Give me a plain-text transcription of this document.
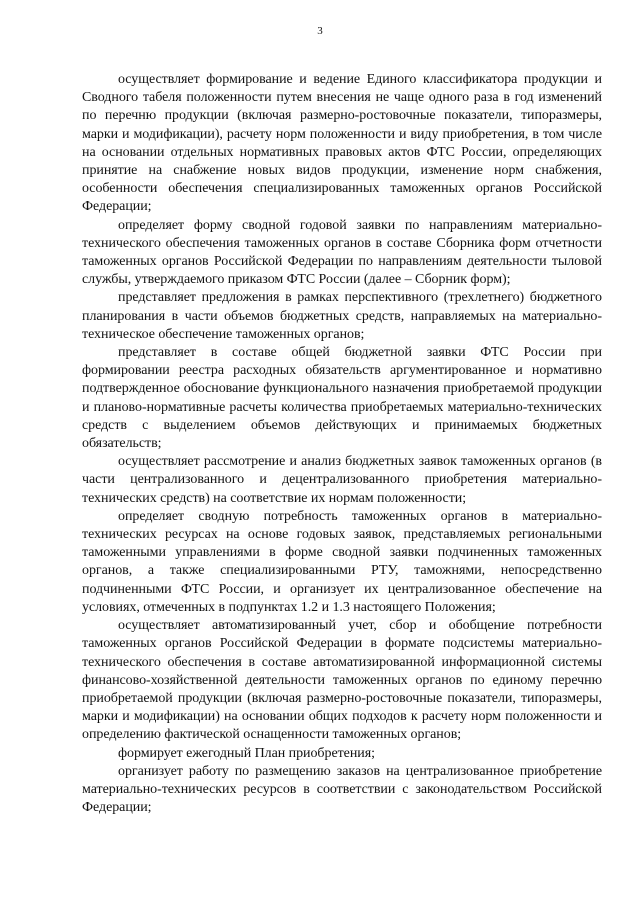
3

осуществляет формирование и ведение Единого классификатора продукции и Сводного табеля положенности путем внесения не чаще одного раза в год изменений по перечню продукции (включая размерно-ростовочные показатели, типоразмеры, марки и модификации), расчету норм положенности и виду приобретения, в том числе на основании отдельных нормативных правовых актов ФТС России, определяющих принятие на снабжение новых видов продукции, изменение норм снабжения, особенности обеспечения специализированных таможенных органов Российской Федерации;

определяет форму сводной годовой заявки по направлениям материально-технического обеспечения таможенных органов в составе Сборника форм отчетности таможенных органов Российской Федерации по направлениям деятельности тыловой службы, утверждаемого приказом ФТС России (далее – Сборник форм);

представляет предложения в рамках перспективного (трехлетнего) бюджетного планирования в части объемов бюджетных средств, направляемых на материально-техническое обеспечение таможенных органов;

представляет в составе общей бюджетной заявки ФТС России при формировании реестра расходных обязательств аргументированное и нормативно подтвержденное обоснование функционального назначения приобретаемой продукции и планово-нормативные расчеты количества приобретаемых материально-технических средств с выделением объемов действующих и принимаемых бюджетных обязательств;

осуществляет рассмотрение и анализ бюджетных заявок таможенных органов (в части централизованного и децентрализованного приобретения материально-технических средств) на соответствие их нормам положенности;

определяет сводную потребность таможенных органов в материально-технических ресурсах на основе годовых заявок, представляемых региональными таможенными управлениями в форме сводной заявки подчиненных таможенных органов, а также специализированными РТУ, таможнями, непосредственно подчиненными ФТС России, и организует их централизованное обеспечение на условиях, отмеченных в подпунктах 1.2 и 1.3 настоящего Положения;

осуществляет автоматизированный учет, сбор и обобщение потребности таможенных органов Российской Федерации в формате подсистемы материально-технического обеспечения в составе автоматизированной информационной системы финансово-хозяйственной деятельности таможенных органов по единому перечню приобретаемой продукции (включая размерно-ростовочные показатели, типоразмеры, марки и модификации) на основании общих подходов к расчету норм положенности и определению фактической оснащенности таможенных органов;

формирует ежегодный План приобретения;

организует работу по размещению заказов на централизованное приобретение материально-технических ресурсов в соответствии с законодательством Российской Федерации;
